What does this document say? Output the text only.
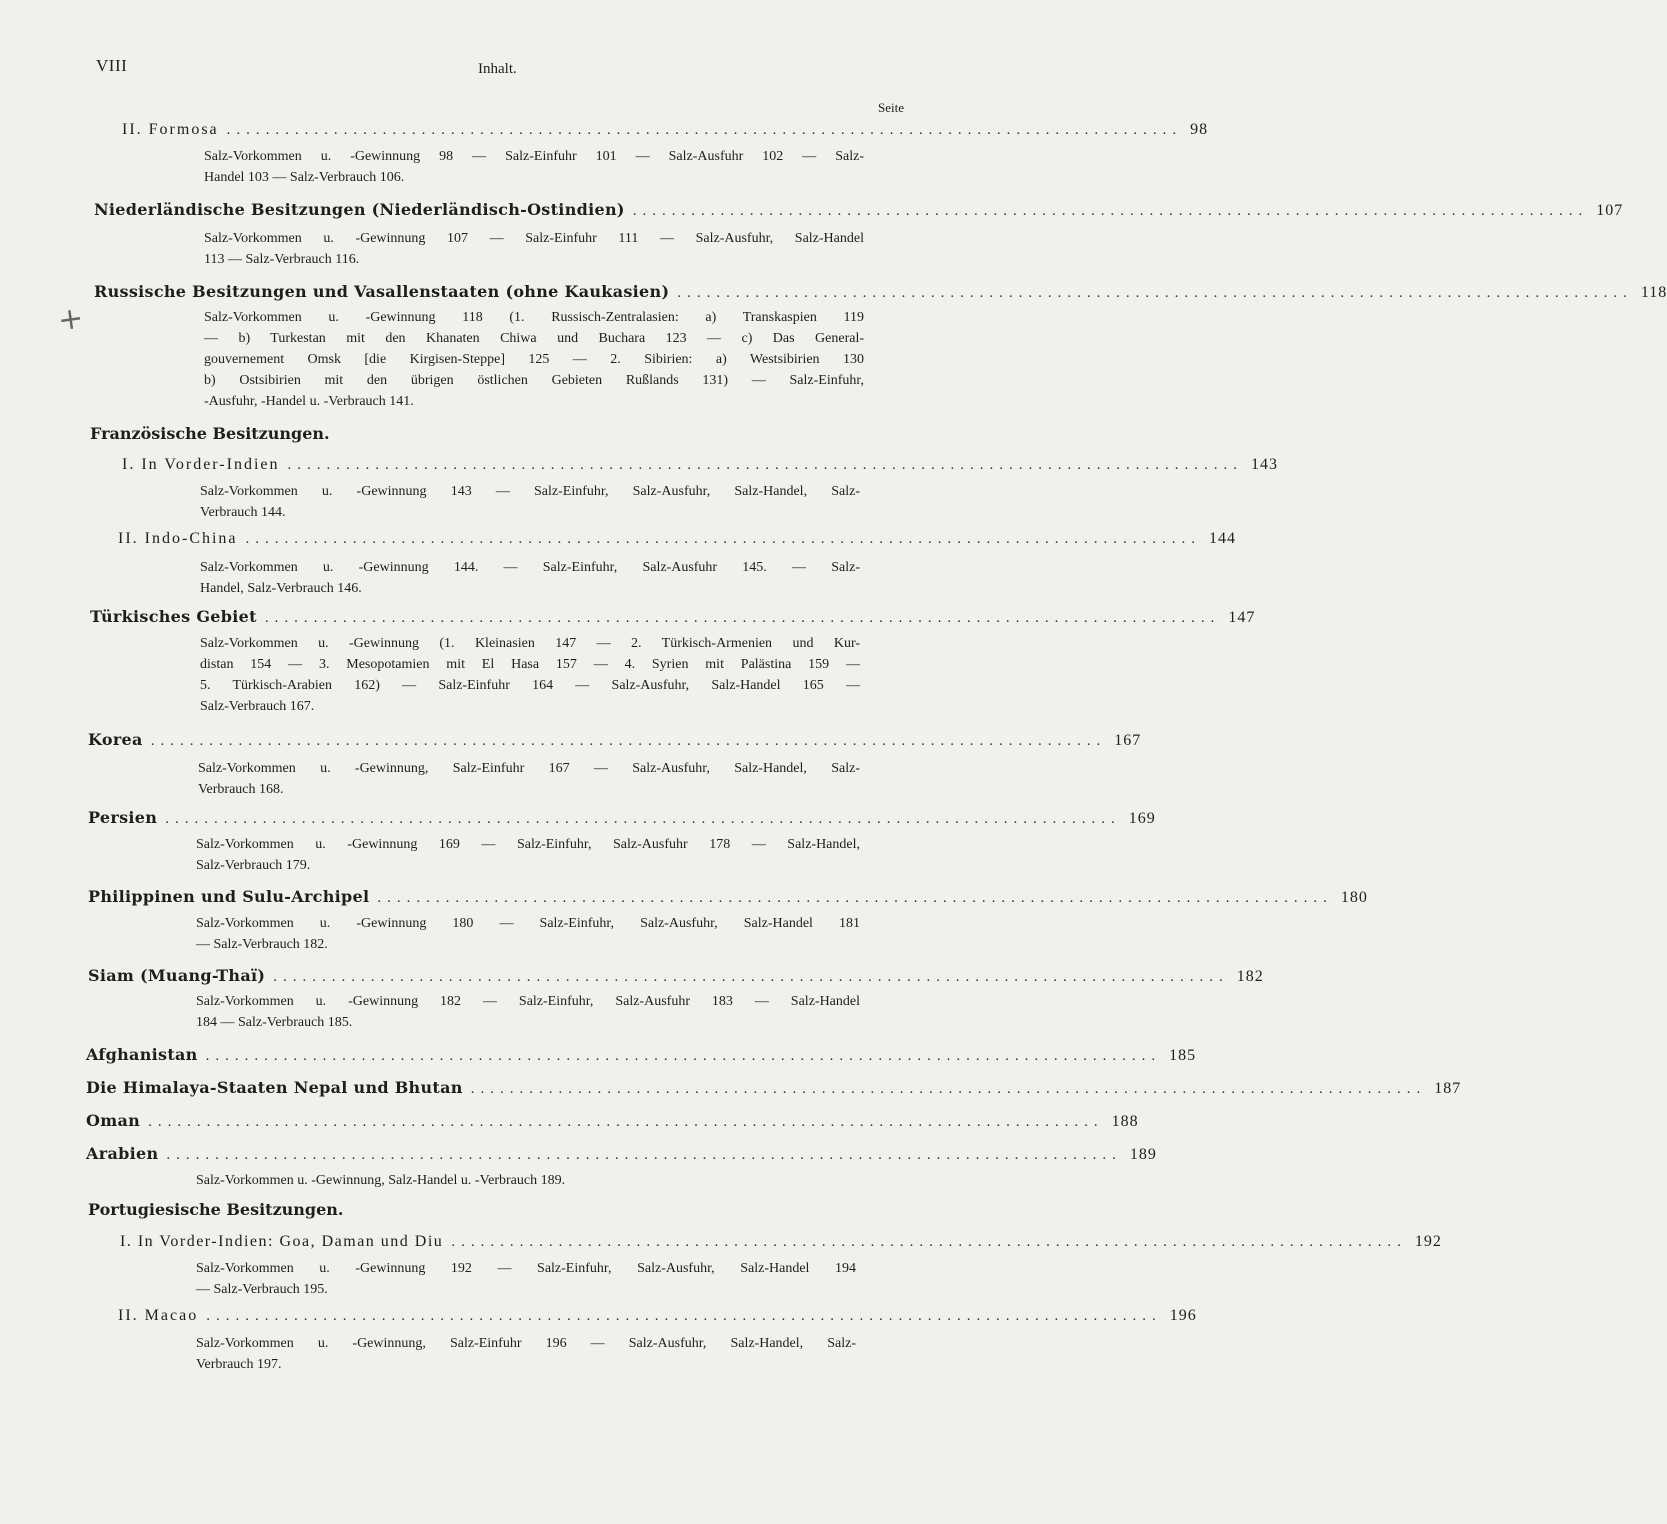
VIII	Inhalt.
Seite
+
II. Formosa .................................................................................................. 98
Salz-Vorkommen u. -Gewinnung 98 — Salz-Einfuhr 101 — Salz-Ausfuhr 102 — Salz-
Handel 103 — Salz-Verbrauch 106.
Niederländische Besitzungen (Niederländisch-Ostindien) .................................................................................................. 107
Salz-Vorkommen u. -Gewinnung 107 — Salz-Einfuhr 111 — Salz-Ausfuhr, Salz-Handel
113 — Salz-Verbrauch 116.
Russische Besitzungen und Vasallenstaaten (ohne Kaukasien) .................................................................................................. 118
Salz-Vorkommen u. -Gewinnung 118 (1. Russisch-Zentralasien: a) Transkaspien 119
— b) Turkestan mit den Khanaten Chiwa und Buchara 123 — c) Das General-
gouvernement Omsk [die Kirgisen-Steppe] 125 — 2. Sibirien: a) Westsibirien 130
b) Ostsibirien mit den übrigen östlichen Gebieten Rußlands 131) — Salz-Einfuhr,
-Ausfuhr, -Handel u. -Verbrauch 141.
Französische Besitzungen.
I. In Vorder-Indien .................................................................................................. 143
Salz-Vorkommen u. -Gewinnung 143 — Salz-Einfuhr, Salz-Ausfuhr, Salz-Handel, Salz-
Verbrauch 144.
II. Indo-China .................................................................................................. 144
Salz-Vorkommen u. -Gewinnung 144. — Salz-Einfuhr, Salz-Ausfuhr 145. — Salz-
Handel, Salz-Verbrauch 146.
Türkisches Gebiet .................................................................................................. 147
Salz-Vorkommen u. -Gewinnung (1. Kleinasien 147 — 2. Türkisch-Armenien und Kur-
distan 154 — 3. Mesopotamien mit El Hasa 157 — 4. Syrien mit Palästina 159 —
5. Türkisch-Arabien 162) — Salz-Einfuhr 164 — Salz-Ausfuhr, Salz-Handel 165 —
Salz-Verbrauch 167.
Korea .................................................................................................. 167
Salz-Vorkommen u. -Gewinnung, Salz-Einfuhr 167 — Salz-Ausfuhr, Salz-Handel, Salz-
Verbrauch 168.
Persien .................................................................................................. 169
Salz-Vorkommen u. -Gewinnung 169 — Salz-Einfuhr, Salz-Ausfuhr 178 — Salz-Handel,
Salz-Verbrauch 179.
Philippinen und Sulu-Archipel .................................................................................................. 180
Salz-Vorkommen u. -Gewinnung 180 — Salz-Einfuhr, Salz-Ausfuhr, Salz-Handel 181
— Salz-Verbrauch 182.
Siam (Muang-Thaï) .................................................................................................. 182
Salz-Vorkommen u. -Gewinnung 182 — Salz-Einfuhr, Salz-Ausfuhr 183 — Salz-Handel
184 — Salz-Verbrauch 185.
Afghanistan .................................................................................................. 185
Die Himalaya-Staaten Nepal und Bhutan .................................................................................................. 187
Oman .................................................................................................. 188
Arabien .................................................................................................. 189
Salz-Vorkommen u. -Gewinnung, Salz-Handel u. -Verbrauch 189.
Portugiesische Besitzungen.
I. In Vorder-Indien: Goa, Daman und Diu .................................................................................................. 192
Salz-Vorkommen u. -Gewinnung 192 — Salz-Einfuhr, Salz-Ausfuhr, Salz-Handel 194
— Salz-Verbrauch 195.
II. Macao .................................................................................................. 196
Salz-Vorkommen u. -Gewinnung, Salz-Einfuhr 196 — Salz-Ausfuhr, Salz-Handel, Salz-
Verbrauch 197.
